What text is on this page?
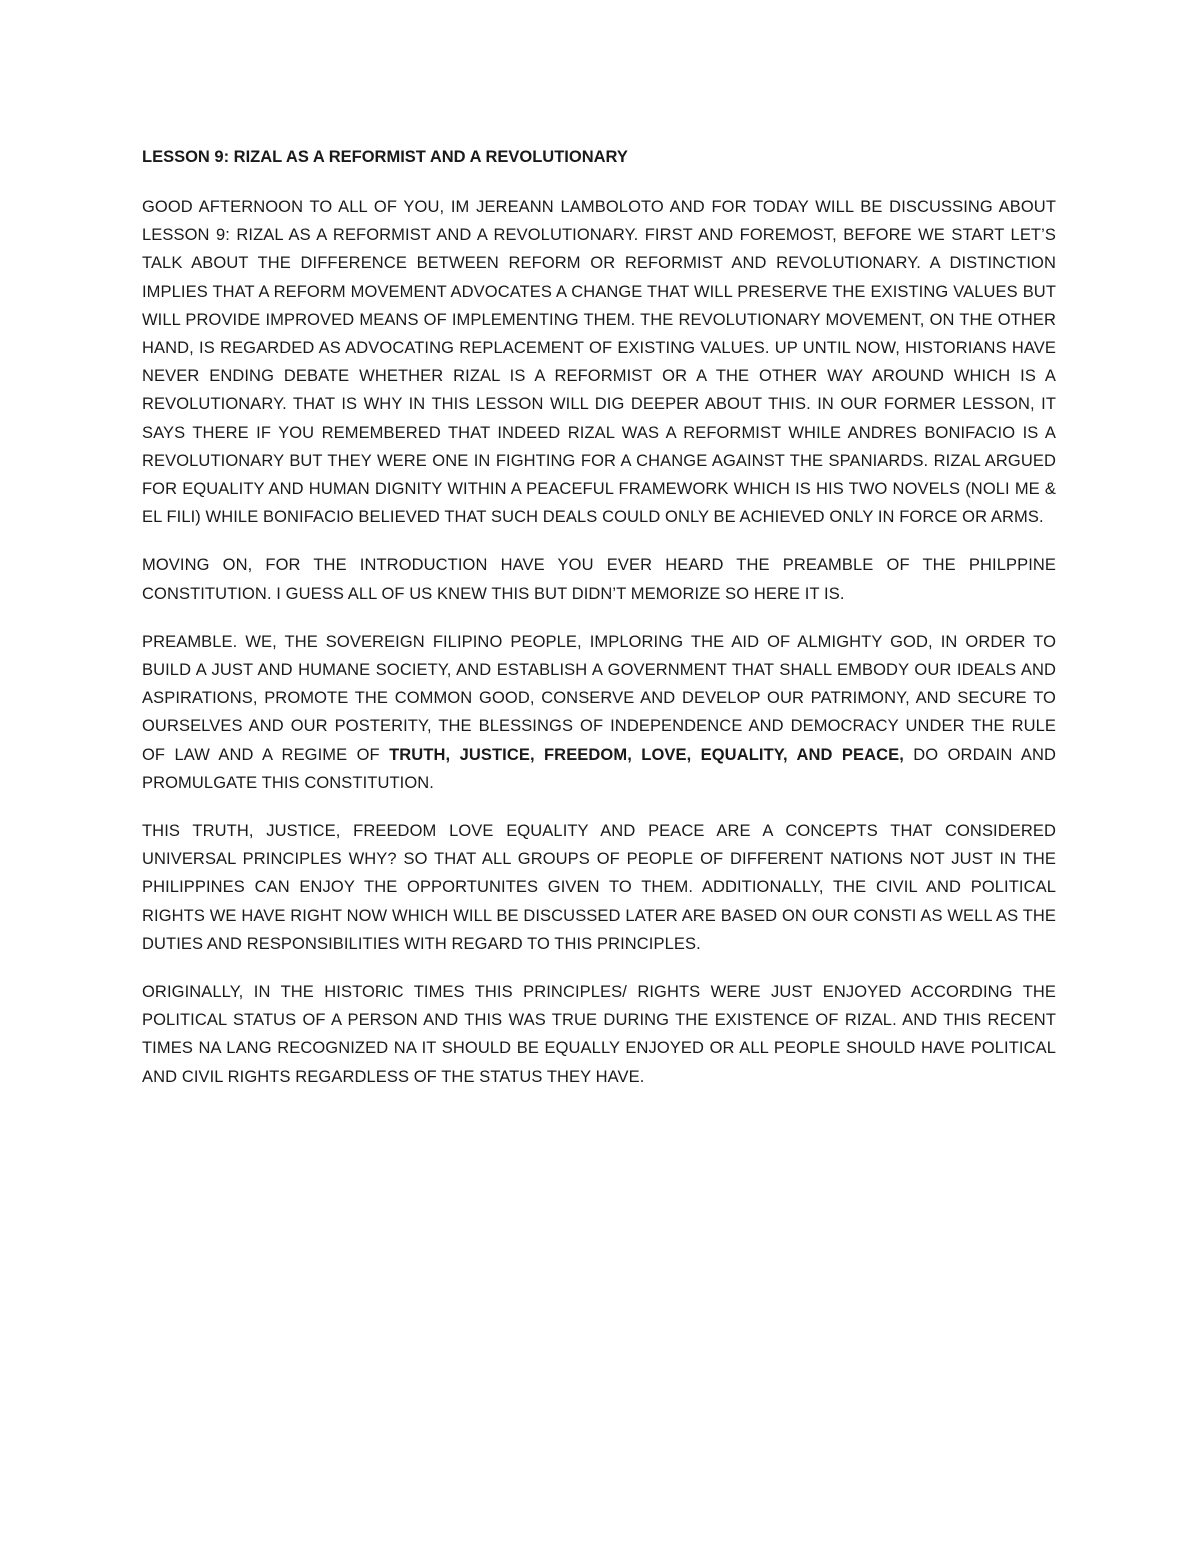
LESSON 9: RIZAL AS A REFORMIST AND A REVOLUTIONARY

GOOD AFTERNOON TO ALL OF YOU, IM JEREANN LAMBOLOTO AND FOR TODAY WILL BE DISCUSSING ABOUT LESSON 9: RIZAL AS A REFORMIST AND A REVOLUTIONARY. FIRST AND FOREMOST, BEFORE WE START LET’S TALK ABOUT THE DIFFERENCE BETWEEN REFORM OR REFORMIST AND REVOLUTIONARY. A DISTINCTION IMPLIES THAT A REFORM MOVEMENT ADVOCATES A CHANGE THAT WILL PRESERVE THE EXISTING VALUES BUT WILL PROVIDE IMPROVED MEANS OF IMPLEMENTING THEM. THE REVOLUTIONARY MOVEMENT, ON THE OTHER HAND, IS REGARDED AS ADVOCATING REPLACEMENT OF EXISTING VALUES. UP UNTIL NOW, HISTORIANS HAVE NEVER ENDING DEBATE WHETHER RIZAL IS A REFORMIST OR A THE OTHER WAY AROUND WHICH IS A REVOLUTIONARY. THAT IS WHY IN THIS LESSON WILL DIG DEEPER ABOUT THIS. IN OUR FORMER LESSON, IT SAYS THERE IF YOU REMEMBERED THAT INDEED RIZAL WAS A REFORMIST WHILE ANDRES BONIFACIO IS A REVOLUTIONARY BUT THEY WERE ONE IN FIGHTING FOR A CHANGE AGAINST THE SPANIARDS. RIZAL ARGUED FOR EQUALITY AND HUMAN DIGNITY WITHIN A PEACEFUL FRAMEWORK WHICH IS HIS TWO NOVELS (NOLI ME & EL FILI) WHILE BONIFACIO BELIEVED THAT SUCH DEALS COULD ONLY BE ACHIEVED ONLY IN FORCE OR ARMS.

MOVING ON, FOR THE INTRODUCTION HAVE YOU EVER HEARD THE PREAMBLE OF THE PHILPPINE CONSTITUTION. I GUESS ALL OF US KNEW THIS BUT DIDN’T MEMORIZE SO HERE IT IS.

PREAMBLE. WE, THE SOVEREIGN FILIPINO PEOPLE, IMPLORING THE AID OF ALMIGHTY GOD, IN ORDER TO BUILD A JUST AND HUMANE SOCIETY, AND ESTABLISH A GOVERNMENT THAT SHALL EMBODY OUR IDEALS AND ASPIRATIONS, PROMOTE THE COMMON GOOD, CONSERVE AND DEVELOP OUR PATRIMONY, AND SECURE TO OURSELVES AND OUR POSTERITY, THE BLESSINGS OF INDEPENDENCE AND DEMOCRACY UNDER THE RULE OF LAW AND A REGIME OF TRUTH, JUSTICE, FREEDOM, LOVE, EQUALITY, AND PEACE, DO ORDAIN AND PROMULGATE THIS CONSTITUTION.

THIS TRUTH, JUSTICE, FREEDOM LOVE EQUALITY AND PEACE ARE A CONCEPTS THAT CONSIDERED UNIVERSAL PRINCIPLES WHY? SO THAT ALL GROUPS OF PEOPLE OF DIFFERENT NATIONS NOT JUST IN THE PHILIPPINES CAN ENJOY THE OPPORTUNITES GIVEN TO THEM. ADDITIONALLY, THE CIVIL AND POLITICAL RIGHTS WE HAVE RIGHT NOW WHICH WILL BE DISCUSSED LATER ARE BASED ON OUR CONSTI AS WELL AS THE DUTIES AND RESPONSIBILITIES WITH REGARD TO THIS PRINCIPLES.

ORIGINALLY, IN THE HISTORIC TIMES THIS PRINCIPLES/ RIGHTS WERE JUST ENJOYED ACCORDING THE POLITICAL STATUS OF A PERSON AND THIS WAS TRUE DURING THE EXISTENCE OF RIZAL. AND THIS RECENT TIMES NA LANG RECOGNIZED NA IT SHOULD BE EQUALLY ENJOYED OR ALL PEOPLE SHOULD HAVE POLITICAL AND CIVIL RIGHTS REGARDLESS OF THE STATUS THEY HAVE.
